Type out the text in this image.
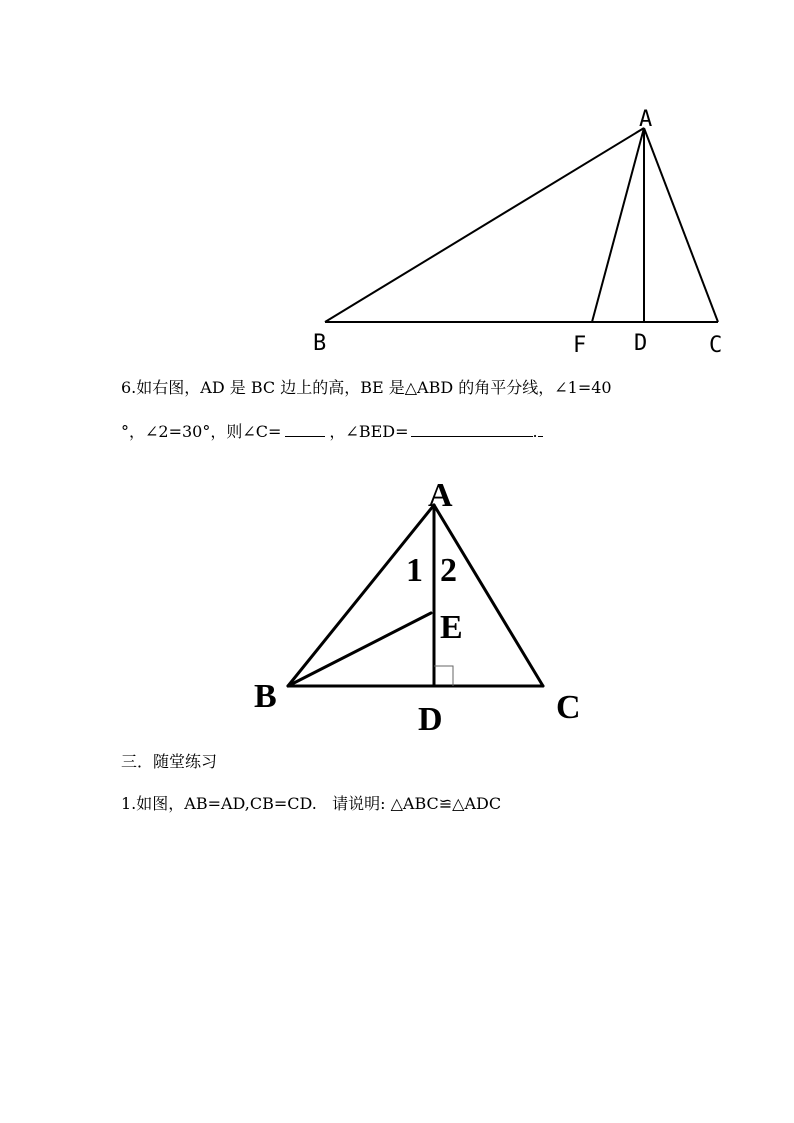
A
B	F D	C
6.如右图，AD 是 BC 边上的高，BE 是△ABD 的角平分线，∠1=40
°，∠2=30°，则∠C=	，∠BED=	.
A
1 2
E
B
D	C
三．随堂练习
1.如图，AB=AD,CB=CD.   请说明: △ABC≌△ADC
